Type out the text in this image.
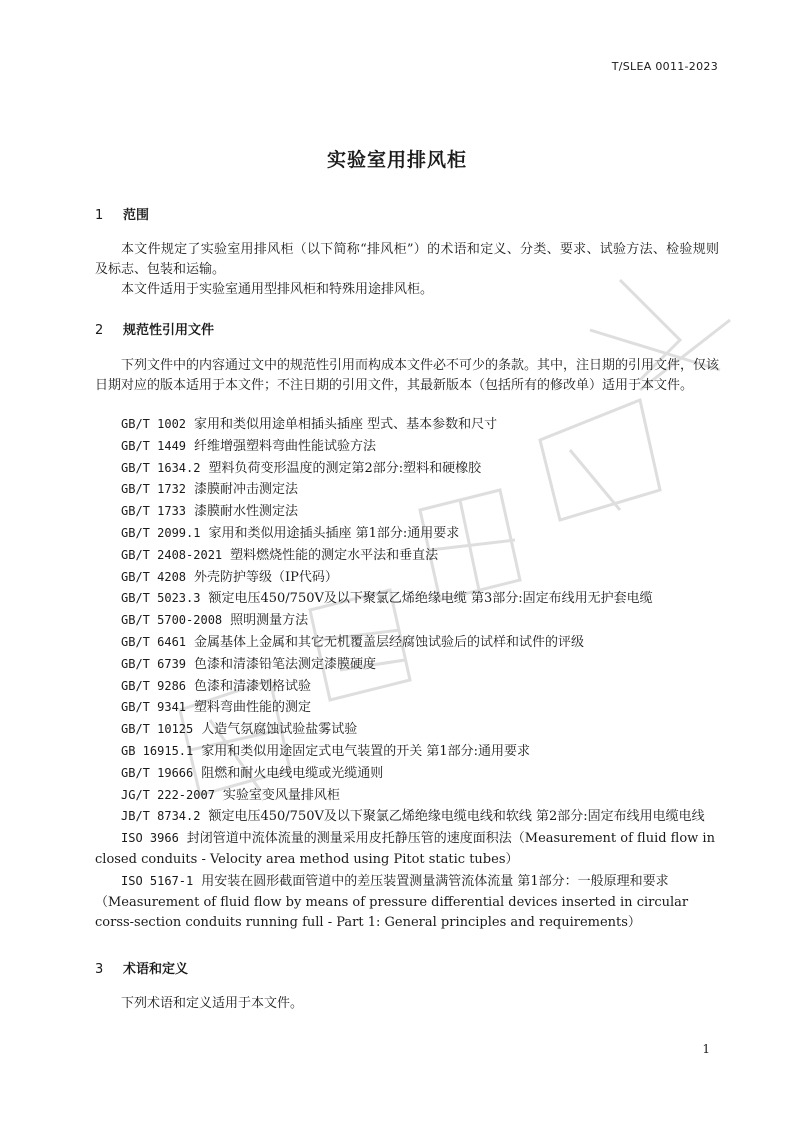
T/SLEA 0011-2023
实验室用排风柜
1 范围
本文件规定了实验室用排风柜（以下简称“排风柜”）的术语和定义、分类、要求、试验方法、检验规则及标志、包装和运输。
本文件适用于实验室通用型排风柜和特殊用途排风柜。
2 规范性引用文件
下列文件中的内容通过文中的规范性引用而构成本文件必不可少的条款。其中，注日期的引用文件，仅该日期对应的版本适用于本文件；不注日期的引用文件，其最新版本（包括所有的修改单）适用于本文件。
GB/T 1002 家用和类似用途单相插头插座 型式、基本参数和尺寸
GB/T 1449 纤维增强塑料弯曲性能试验方法
GB/T 1634.2 塑料负荷变形温度的测定第2部分:塑料和硬橡胶
GB/T 1732 漆膜耐冲击测定法
GB/T 1733 漆膜耐水性测定法
GB/T 2099.1 家用和类似用途插头插座 第1部分:通用要求
GB/T 2408-2021 塑料燃烧性能的测定水平法和垂直法
GB/T 4208 外壳防护等级（IP代码）
GB/T 5023.3 额定电压450/750V及以下聚氯乙烯绝缘电缆 第3部分:固定布线用无护套电缆
GB/T 5700-2008 照明测量方法
GB/T 6461 金属基体上金属和其它无机覆盖层经腐蚀试验后的试样和试件的评级
GB/T 6739 色漆和清漆铅笔法测定漆膜硬度
GB/T 9286 色漆和清漆划格试验
GB/T 9341 塑料弯曲性能的测定
GB/T 10125 人造气氛腐蚀试验盐雾试验
GB 16915.1 家用和类似用途固定式电气装置的开关 第1部分:通用要求
GB/T 19666 阻燃和耐火电线电缆或光缆通则
JG/T 222-2007 实验室变风量排风柜
JB/T 8734.2 额定电压450/750V及以下聚氯乙烯绝缘电缆电线和软线 第2部分:固定布线用电缆电线
ISO 3966 封闭管道中流体流量的测量采用皮托静压管的速度面积法（Measurement of fluid flow in closed conduits - Velocity area method using Pitot static tubes）
ISO 5167-1 用安装在圆形截面管道中的差压装置测量满管流体流量 第1部分：一般原理和要求（Measurement of fluid flow by means of pressure differential devices inserted in circular corss-section conduits running full - Part 1: General principles and requirements）
3 术语和定义
下列术语和定义适用于本文件。
1
